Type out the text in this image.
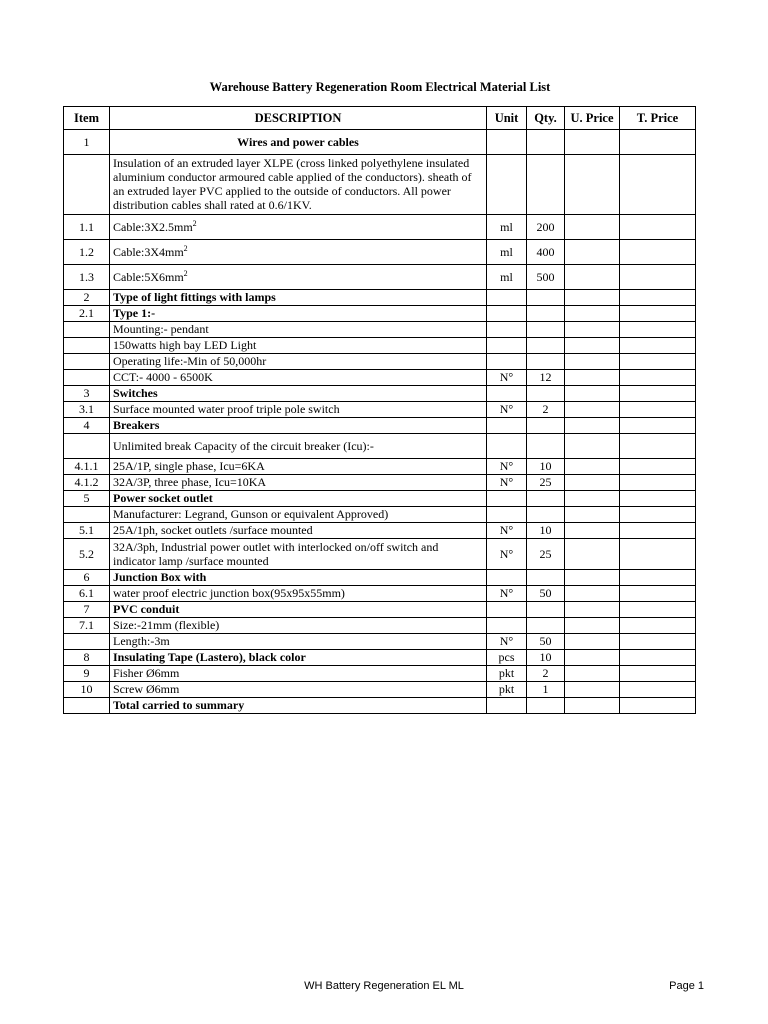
Warehouse Battery Regeneration Room Electrical Material List
Item	DESCRIPTION	Unit	Qty.	U. Price	T. Price
1	Wires and power cables				
	Insulation of an extruded layer XLPE (cross linked polyethylene insulated aluminium conductor armoured cable applied of the conductors). sheath of an extruded layer PVC applied to the outside of conductors. All power distribution cables shall rated at 0.6/1KV.				
1.1	$Cable:3X2.5mm^2$	ml	200		
1.2	$Cable:3X4mm^2$	ml	400		
1.3	$Cable:5X6mm^2$	ml	500		
2	Type of light fittings with lamps				
2.1	Type 1:-				
	Mounting:- pendant				
	150watts high bay LED Light				
	Operating life:-Min of 50,000hr				
	CCT:- 4000 - 6500K	N°	12		
3	Switches				
3.1	Surface mounted water proof triple pole switch	N°	2		
4	Breakers				
	Unlimited break Capacity of the circuit breaker (Icu):-				
4.1.1	25A/1P, single phase, Icu=6KA	N°	10		
4.1.2	32A/3P, three phase, Icu=10KA	N°	25		
5	Power socket outlet				
	Manufacturer: Legrand, Gunson or equivalent Approved)				
5.1	25A/1ph, socket outlets /surface mounted	N°	10		
5.2	32A/3ph, Industrial power outlet with interlocked on/off switch and indicator lamp /surface mounted	N°	25		
6	Junction Box with				
6.1	water proof electric junction box(95x95x55mm)	N°	50		
7	PVC conduit				
7.1	Size:-21mm (flexible)				
	Length:-3m	N°	50		
8	Insulating Tape (Lastero), black color	pcs	10		
9	Fisher Ø6mm	pkt	2		
10	Screw Ø6mm	pkt	1		
	Total carried to summary				
WH Battery Regeneration EL ML	Page 1
